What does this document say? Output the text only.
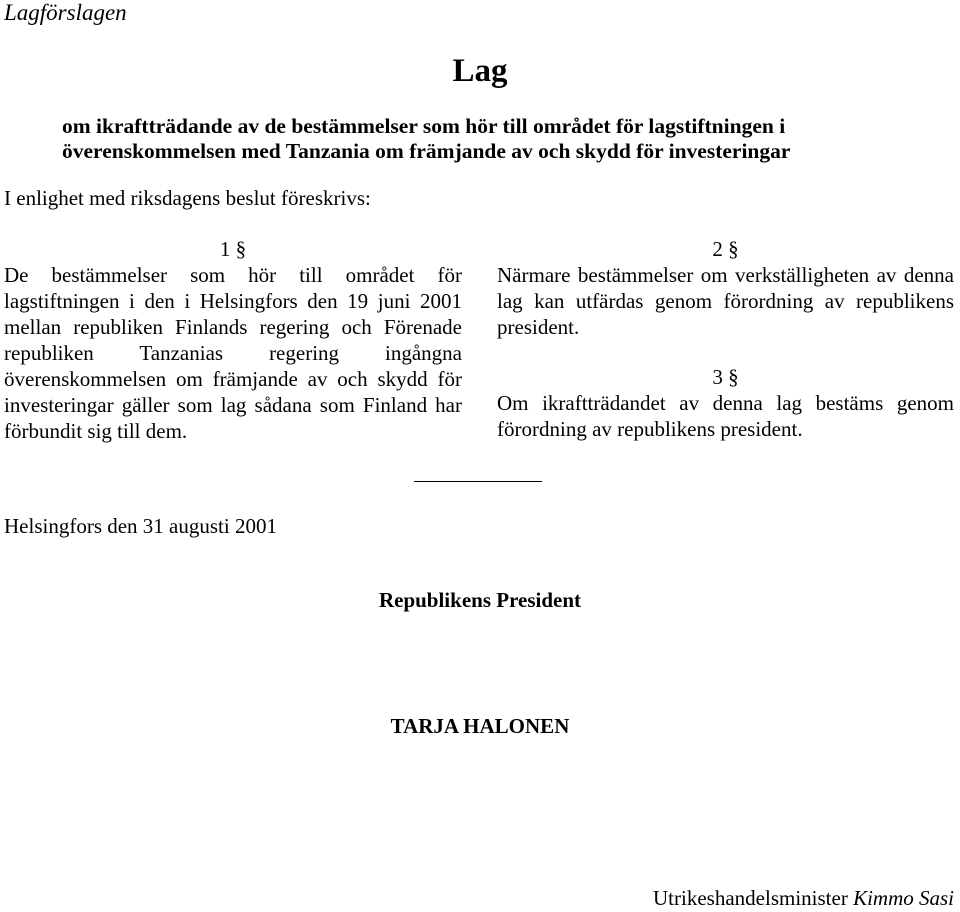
Lagförslagen
Lag
om ikraftträdande av de bestämmelser som hör till området för lagstiftningen i överenskommelsen med Tanzania om främjande av och skydd för investeringar
I enlighet med riksdagens beslut föreskrivs:
1 §

De bestämmelser som hör till området för lagstiftningen i den i Helsingfors den 19 juni 2001 mellan republiken Finlands regering och Förenade republiken Tanzanias regering ingångna överenskommelsen om främjande av och skydd för investeringar gäller som lag sådana som Finland har förbundit sig till dem.

2 §

Närmare bestämmelser om verkställigheten av denna lag kan utfärdas genom förordning av republikens president.

3 §

Om ikraftträdandet av denna lag bestäms genom förordning av republikens president.

Helsingfors den 31 augusti 2001
Republikens President
TARJA HALONEN
Utrikeshandelsminister Kimmo Sasi
